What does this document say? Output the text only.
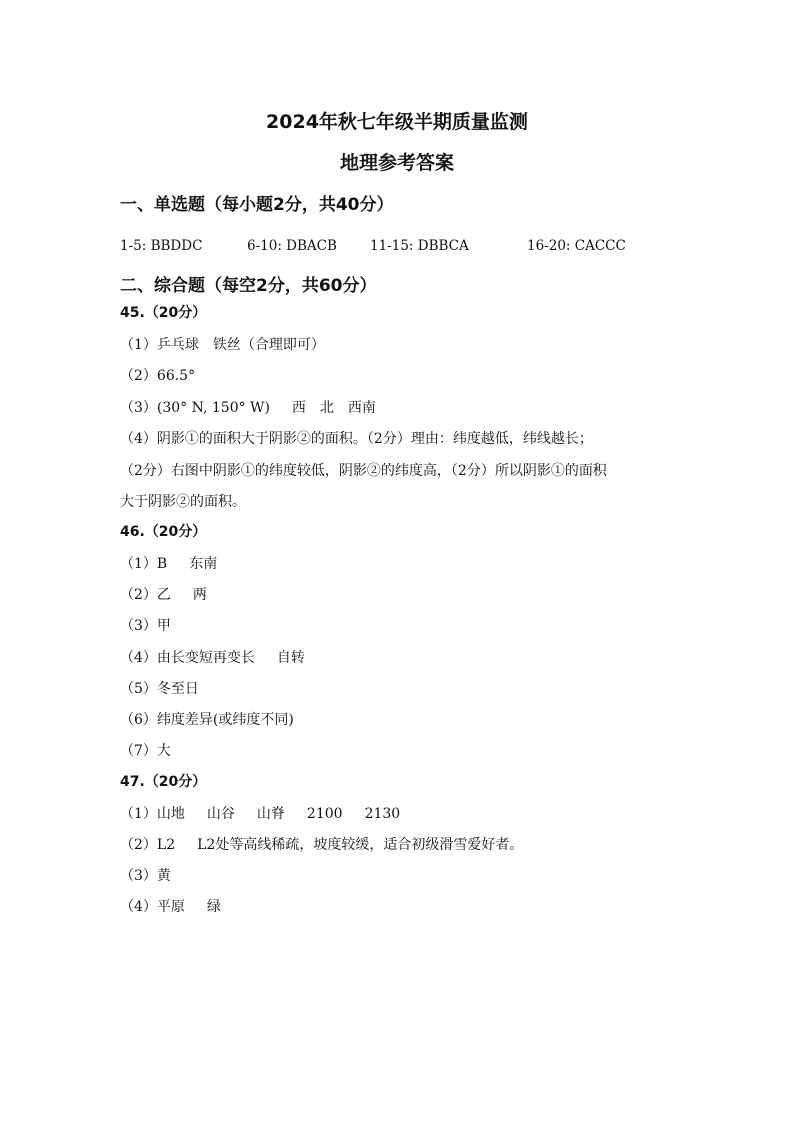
2024年秋七年级半期质量监测
地理参考答案
一、单选题（每小题2分，共40分）
1-5: BBDDC	6-10: DBACB 11-15: DBBCA	16-20: CACCC
二、综合题（每空2分，共60分）
45.（20分）
（1）乒乓球 铁丝（合理即可）
（2）66.5°
（3）(30° N, 150° W) 西 北 西南
（4）阴影①的面积大于阴影②的面积。（2分）理由：纬度越低，纬线越长；
（2分）右图中阴影①的纬度较低，阴影②的纬度高，（2分）所以阴影①的面积
大于阴影②的面积。
46.（20分）
（1）B 东南
（2）乙 两
（3）甲
（4）由长变短再变长 自转
（5）冬至日
（6）纬度差异(或纬度不同)
（7）大
47.（20分）
（1）山地 山谷 山脊 2100 2130
（2）L2 L2处等高线稀疏，坡度较缓，适合初级滑雪爱好者。
（3）黄
（4）平原 绿
